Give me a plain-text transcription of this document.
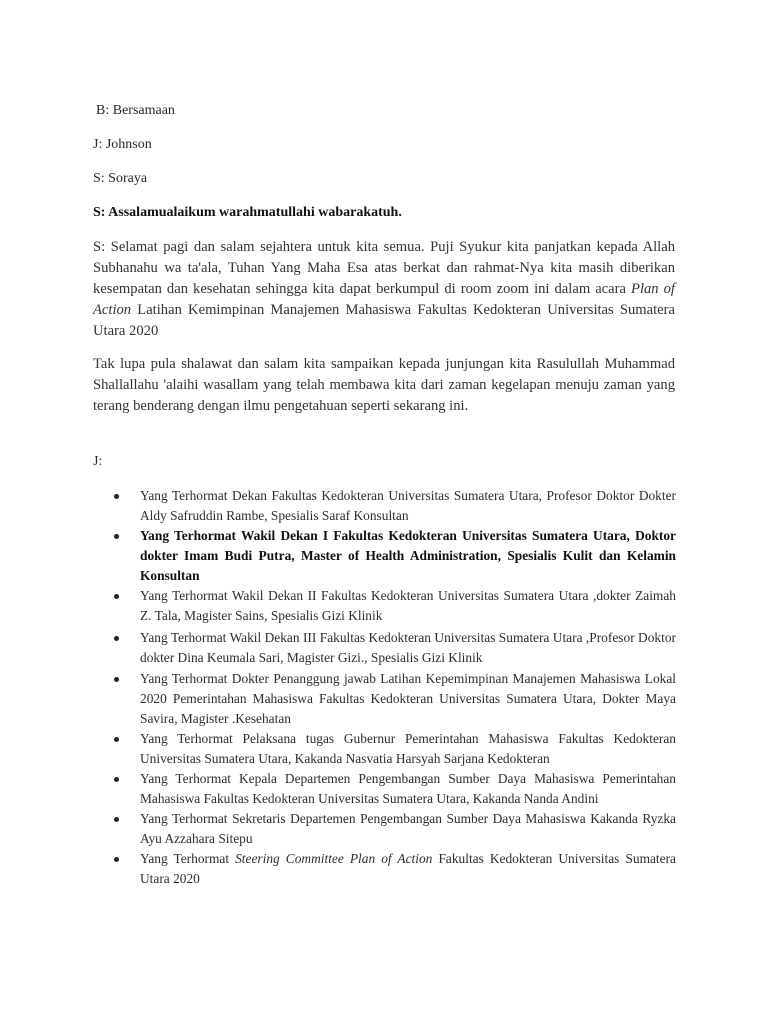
B: Bersamaan
J: Johnson
S: Soraya
S: Assalamualaikum warahmatullahi wabarakatuh.
S: Selamat pagi dan salam sejahtera untuk kita semua. Puji Syukur kita panjatkan kepada Allah Subhanahu wa ta'ala, Tuhan Yang Maha Esa atas berkat dan rahmat-Nya kita masih diberikan kesempatan dan kesehatan sehingga kita dapat berkumpul di room zoom ini dalam acara Plan of Action Latihan Kemimpinan Manajemen Mahasiswa Fakultas Kedokteran Universitas Sumatera Utara 2020
Tak lupa pula shalawat dan salam kita sampaikan kepada junjungan kita Rasulullah Muhammad Shallallahu 'alaihi wasallam yang telah membawa kita dari zaman kegelapan menuju zaman yang terang benderang dengan ilmu pengetahuan seperti sekarang ini.
J:
Yang Terhormat Dekan Fakultas Kedokteran Universitas Sumatera Utara, Profesor Doktor Dokter Aldy Safruddin Rambe, Spesialis Saraf Konsultan
Yang Terhormat Wakil Dekan I Fakultas Kedokteran Universitas Sumatera Utara, Doktor dokter Imam Budi Putra, Master of Health Administration, Spesialis Kulit dan Kelamin Konsultan
Yang Terhormat Wakil Dekan II Fakultas Kedokteran Universitas Sumatera Utara ,dokter Zaimah Z. Tala, Magister Sains, Spesialis Gizi Klinik
Yang Terhormat Wakil Dekan III Fakultas Kedokteran Universitas Sumatera Utara ,Profesor Doktor dokter Dina Keumala Sari, Magister Gizi., Spesialis Gizi Klinik
Yang Terhormat Dokter Penanggung jawab Latihan Kepemimpinan Manajemen Mahasiswa Lokal 2020 Pemerintahan Mahasiswa Fakultas Kedokteran Universitas Sumatera Utara, Dokter Maya Savira, Magister .Kesehatan
Yang Terhormat Pelaksana tugas Gubernur Pemerintahan Mahasiswa Fakultas Kedokteran Universitas Sumatera Utara, Kakanda Nasvatia Harsyah Sarjana Kedokteran
Yang Terhormat Kepala Departemen Pengembangan Sumber Daya Mahasiswa Pemerintahan Mahasiswa Fakultas Kedokteran Universitas Sumatera Utara, Kakanda Nanda Andini
Yang Terhormat Sekretaris Departemen Pengembangan Sumber Daya Mahasiswa Kakanda Ryzka Ayu Azzahara Sitepu
Yang Terhormat Steering Committee Plan of Action Fakultas Kedokteran Universitas Sumatera Utara 2020
